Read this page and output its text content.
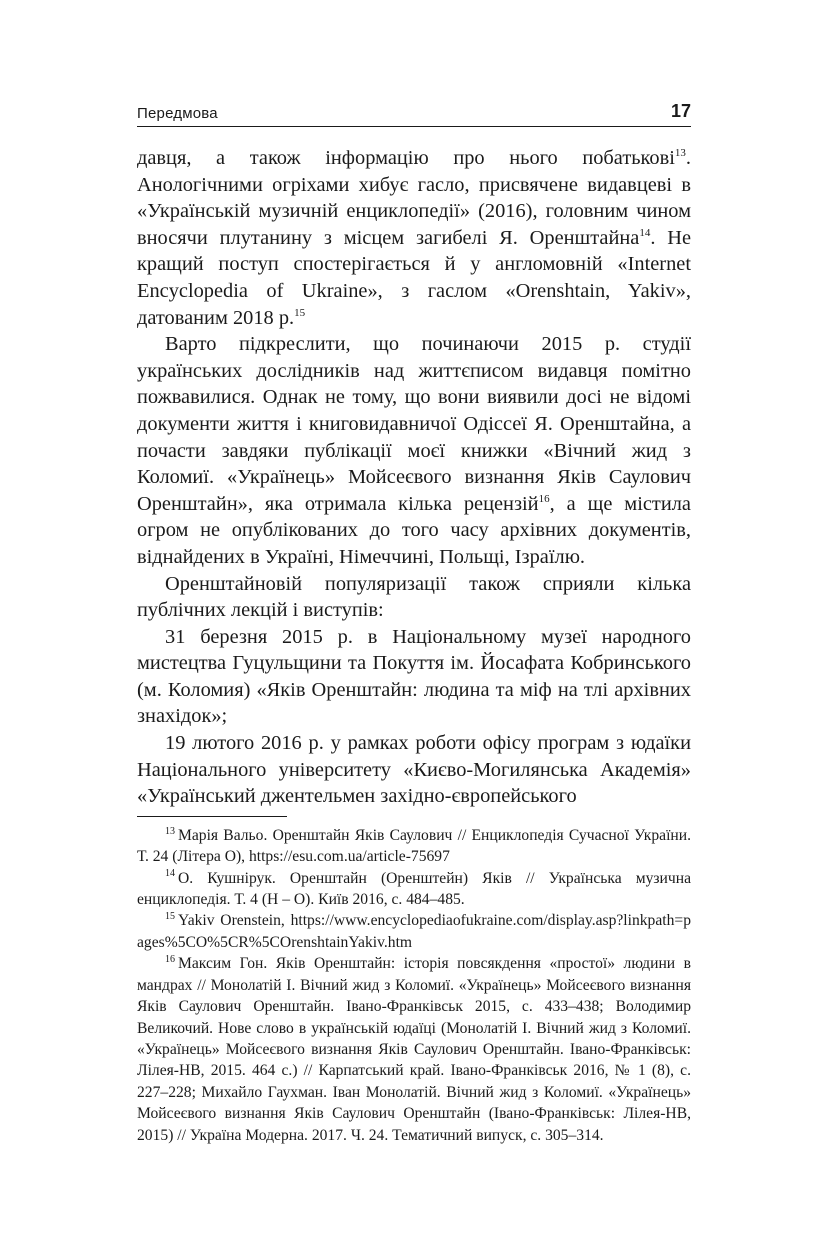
Передмова	17

давця, а також інформацію про нього побатькові$^{13}$. Анологічними огріхами хибує гасло, присвячене видавцеві в «Українській музичній енциклопедії» (2016), головним чином вносячи плутанину з місцем загибелі Я. Оренштайна$^{14}$. Не кращий поступ спостерігається й у англомовній «Internet Encyclopedia of Ukraine», з гаслом «Orenshtain, Yakiv», датованим 2018 р.$^{15}$

Варто підкреслити, що починаючи 2015 р. студії українських дослідників над життєписом видавця помітно пожвавилися. Однак не тому, що вони виявили досі не відомі документи життя і книговидавничої Одіссеї Я. Оренштайна, а почасти завдяки публікації моєї книжки «Вічний жид з Коломиї. «Українець» Мойсеєвого визнання Яків Саулович Оренштайн», яка отримала кілька рецензій$^{16}$, а ще містила огром не опублікованих до того часу архівних документів, віднайдених в Україні, Німеччині, Польщі, Ізраїлю.

Оренштайновій популяризації також сприяли кілька публічних лекцій і виступів:

31 березня 2015 р. в Національному музеї народного мистецтва Гуцульщини та Покуття ім. Йосафата Кобринського (м. Коломия) «Яків Оренштайн: людина та міф на тлі архівних знахідок»;

19 лютого 2016 р. у рамках роботи офісу програм з юдаїки Національного університету «Києво-Могилянська Академія» «Український джентельмен західно-європейського

$^{13}$ Марія Вальо. Оренштайн Яків Саулович // Енциклопедія Сучасної України. Т. 24 (Літера О), https://esu.com.ua/article-75697

$^{14}$ О. Кушнірук. Оренштайн (Оренштейн) Яків // Українська музична енциклопедія. Т. 4 (Н – О). Київ 2016, с. 484–485.

$^{15}$ Yakiv Orenstein, https://www.encyclopediaofukraine.com/display.asp?linkpath=pages%5CO%5CR%5COrenshtainYakiv.htm

$^{16}$ Максим Гон. Яків Оренштайн: історія повсякдення «простої» людини в мандрах // Монолатій І. Вічний жид з Коломиї. «Українець» Мойсеєвого визнання Яків Саулович Оренштайн. Івано-Франківськ 2015, с. 433–438; Володимир Великочий. Нове слово в українській юдаїці (Монолатій І. Вічний жид з Коломиї. «Українець» Мойсеєвого визнання Яків Саулович Оренштайн. Івано-Франківськ: Лілея-НВ, 2015. 464 с.) // Карпатський край. Івано-Франківськ 2016, № 1 (8), с. 227–228; Михайло Гаухман. Іван Монолатій. Вічний жид з Коломиї. «Українець» Мойсеєвого визнання Яків Саулович Оренштайн (Івано-Франківськ: Лілея-НВ, 2015) // Україна Модерна. 2017. Ч. 24. Тематичний випуск, с. 305–314.
